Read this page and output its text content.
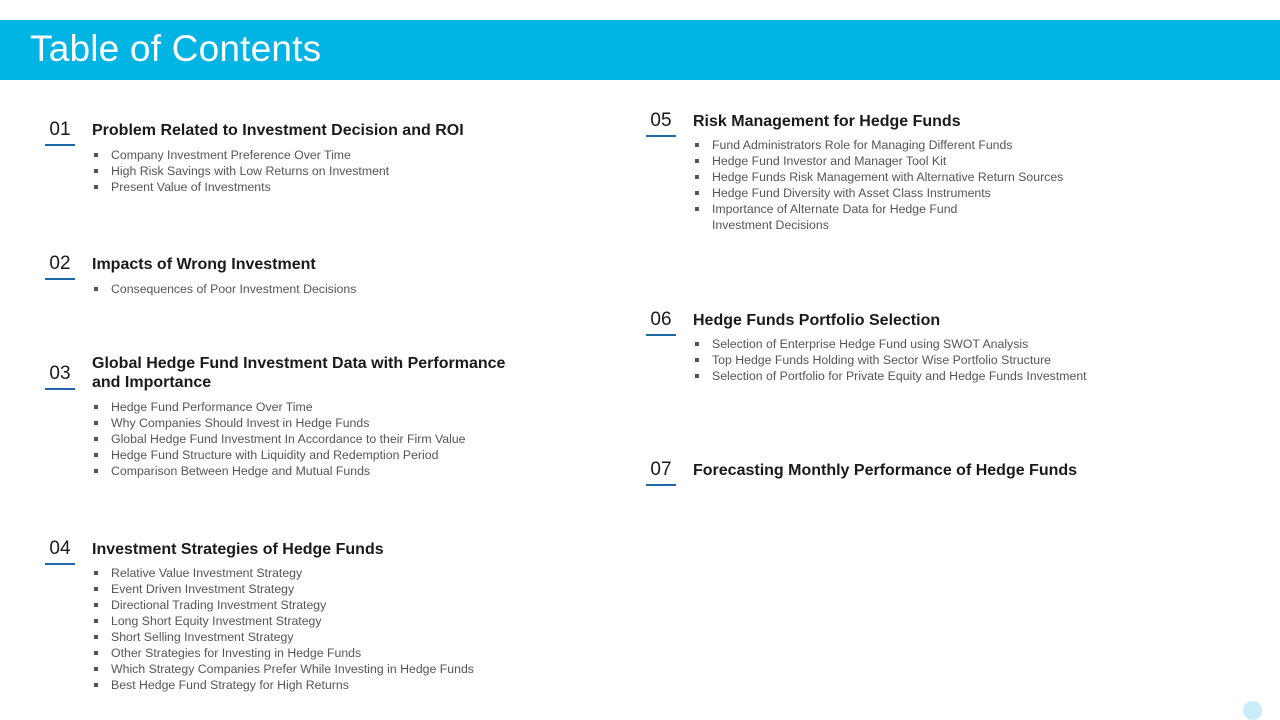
Table of Contents
01 Problem Related to Investment Decision and ROI
Company Investment Preference Over Time
High Risk Savings with Low Returns on Investment
Present Value of Investments
02 Impacts of Wrong Investment
Consequences of Poor Investment Decisions
03 Global Hedge Fund Investment Data with Performance and Importance
Hedge Fund Performance Over Time
Why Companies Should Invest in Hedge Funds
Global Hedge Fund Investment In Accordance to their Firm Value
Hedge Fund Structure with Liquidity and Redemption Period
Comparison Between Hedge and Mutual Funds
04 Investment Strategies of Hedge Funds
Relative Value Investment Strategy
Event Driven Investment Strategy
Directional Trading Investment Strategy
Long Short Equity Investment Strategy
Short Selling Investment Strategy
Other Strategies for Investing in Hedge Funds
Which Strategy Companies Prefer While Investing in Hedge Funds
Best Hedge Fund Strategy for High Returns
05 Risk Management for Hedge Funds
Fund Administrators Role for Managing Different Funds
Hedge Fund Investor and Manager Tool Kit
Hedge Funds Risk Management with Alternative Return Sources
Hedge Fund Diversity with Asset Class Instruments
Importance of Alternate Data for Hedge Fund
Investment Decisions
06 Hedge Funds Portfolio Selection
Selection of Enterprise Hedge Fund using SWOT Analysis
Top Hedge Funds Holding with Sector Wise Portfolio Structure
Selection of Portfolio for Private Equity and Hedge Funds Investment
07 Forecasting Monthly Performance of Hedge Funds
